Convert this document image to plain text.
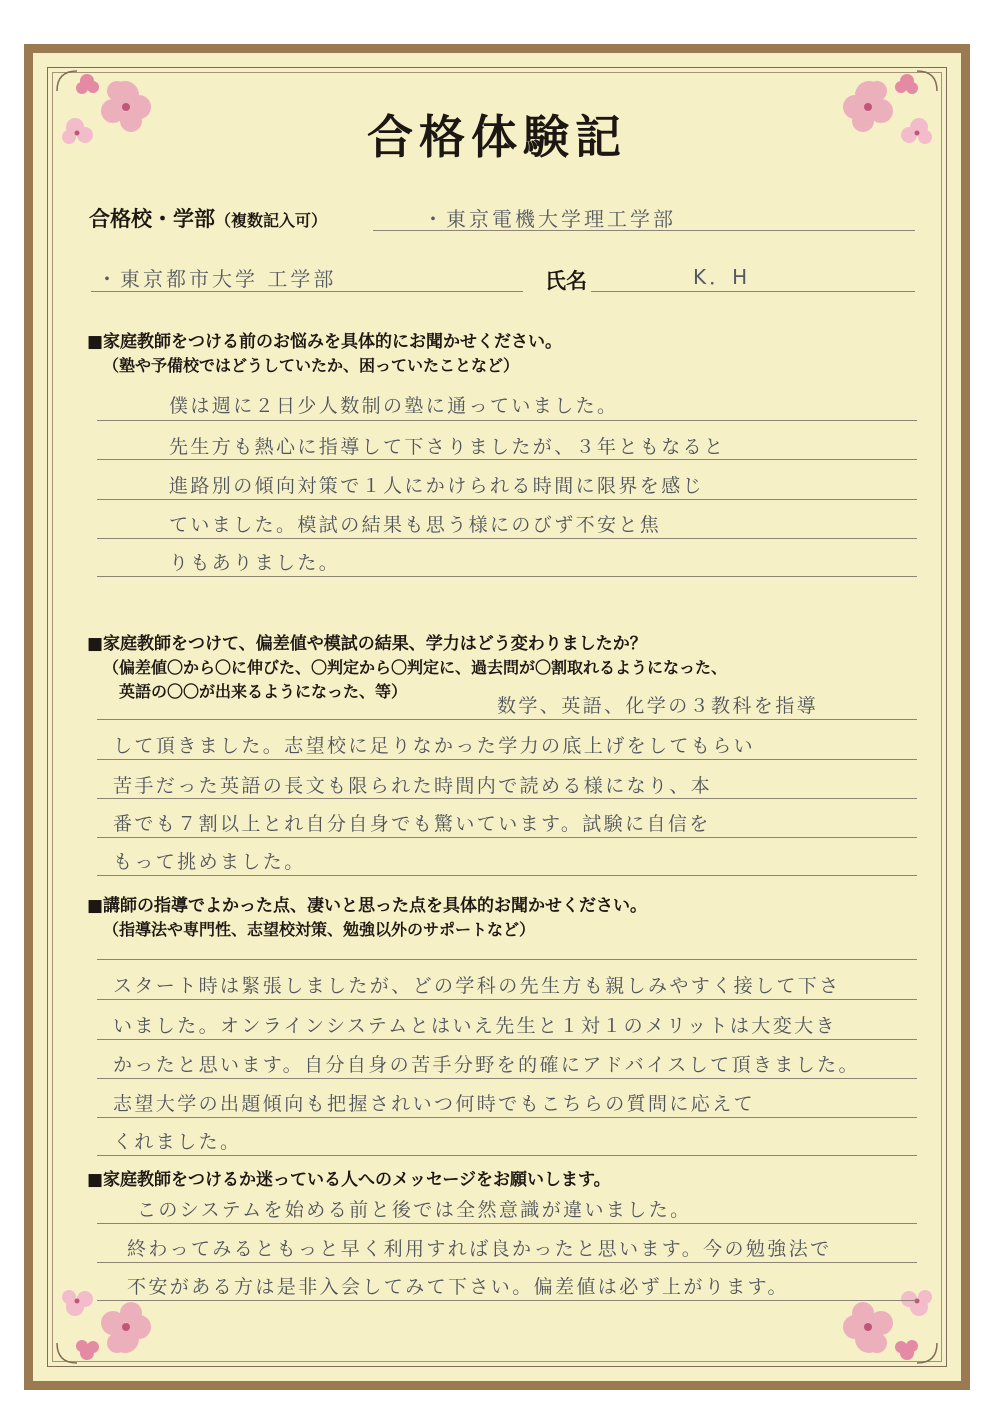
合格体験記
合格校・学部（複数記入可）	・東京電機大学理工学部
・東京都市大学 工学部	氏名	K．H
■家庭教師をつける前のお悩みを具体的にお聞かせください。
（塾や予備校ではどうしていたか、困っていたことなど）
僕は週に２日少人数制の塾に通っていました。
先生方も熱心に指導して下さりましたが、３年ともなると
進路別の傾向対策で１人にかけられる時間に限界を感じ
ていました。模試の結果も思う様にのびず不安と焦
りもありました。
■家庭教師をつけて、偏差値や模試の結果、学力はどう変わりましたか？
（偏差値〇から〇に伸びた、〇判定から〇判定に、過去問が〇割取れるようになった、
英語の〇〇が出来るようになった、等）
数学、英語、化学の３教科を指導
して頂きました。志望校に足りなかった学力の底上げをしてもらい
苦手だった英語の長文も限られた時間内で読める様になり、本
番でも７割以上とれ自分自身でも驚いています。試験に自信を
もって挑めました。
■講師の指導でよかった点、凄いと思った点を具体的お聞かせください。
（指導法や専門性、志望校対策、勉強以外のサポートなど）
スタート時は緊張しましたが、どの学科の先生方も親しみやすく接して下さ
いました。オンラインシステムとはいえ先生と１対１のメリットは大変大き
かったと思います。自分自身の苦手分野を的確にアドバイスして頂きました。
志望大学の出題傾向も把握されいつ何時でもこちらの質問に応えて
くれました。
■家庭教師をつけるか迷っている人へのメッセージをお願いします。
このシステムを始める前と後では全然意識が違いました。
終わってみるともっと早く利用すれば良かったと思います。今の勉強法で
不安がある方は是非入会してみて下さい。偏差値は必ず上がります。
